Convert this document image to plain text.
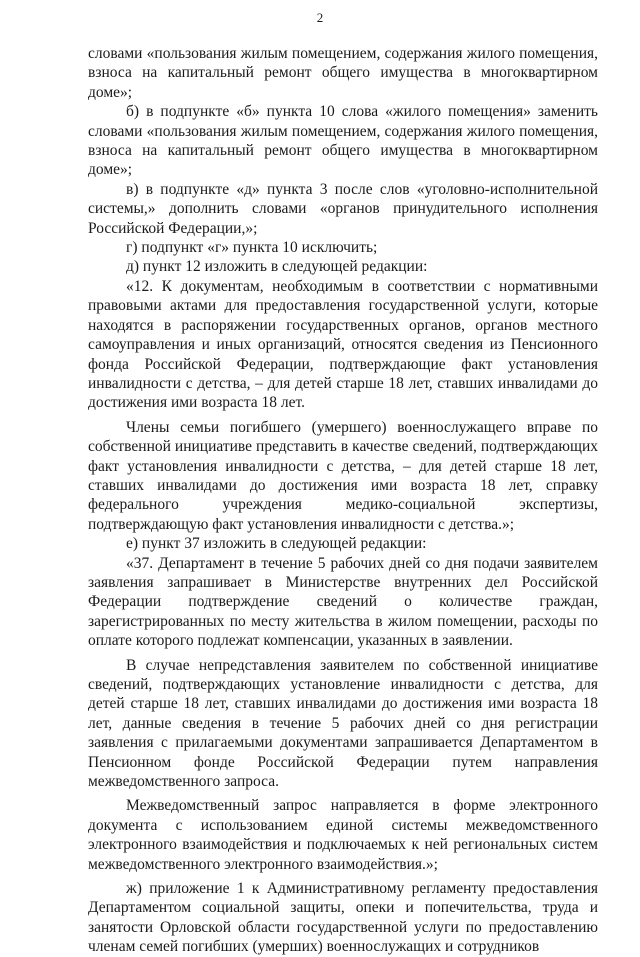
2

словами «пользования жилым помещением, содержания жилого помещения, взноса на капитальный ремонт общего имущества в многоквартирном доме»;

б) в подпункте «б» пункта 10 слова «жилого помещения» заменить словами «пользования жилым помещением, содержания жилого помещения, взноса на капитальный ремонт общего имущества в многоквартирном доме»;

в) в подпункте «д» пункта 3 после слов «уголовно-исполнительной системы,» дополнить словами «органов принудительного исполнения Российской Федерации,»;

г) подпункт «г» пункта 10 исключить;

д) пункт 12 изложить в следующей редакции:

«12. К документам, необходимым в соответствии с нормативными правовыми актами для предоставления государственной услуги, которые находятся в распоряжении государственных органов, органов местного самоуправления и иных организаций, относятся сведения из Пенсионного фонда Российской Федерации, подтверждающие факт установления инвалидности с детства, – для детей старше 18 лет, ставших инвалидами до достижения ими возраста 18 лет.

Члены семьи погибшего (умершего) военнослужащего вправе по собственной инициативе представить в качестве сведений, подтверждающих факт установления инвалидности с детства, – для детей старше 18 лет, ставших инвалидами до достижения ими возраста 18 лет, справку федерального учреждения медико-социальной экспертизы, подтверждающую факт установления инвалидности с детства.»;

е) пункт 37 изложить в следующей редакции:

«37. Департамент в течение 5 рабочих дней со дня подачи заявителем заявления запрашивает в Министерстве внутренних дел Российской Федерации подтверждение сведений о количестве граждан, зарегистрированных по месту жительства в жилом помещении, расходы по оплате которого подлежат компенсации, указанных в заявлении.

В случае непредставления заявителем по собственной инициативе сведений, подтверждающих установление инвалидности с детства, для детей старше 18 лет, ставших инвалидами до достижения ими возраста 18 лет, данные сведения в течение 5 рабочих дней со дня регистрации заявления с прилагаемыми документами запрашивается Департаментом в Пенсионном фонде Российской Федерации путем направления межведомственного запроса.

Межведомственный запрос направляется в форме электронного документа с использованием единой системы межведомственного электронного взаимодействия и подключаемых к ней региональных систем межведомственного электронного взаимодействия.»;

ж) приложение 1 к Административному регламенту предоставления Департаментом социальной защиты, опеки и попечительства, труда и занятости Орловской области государственной услуги по предоставлению членам семей погибших (умерших) военнослужащих и сотрудников
